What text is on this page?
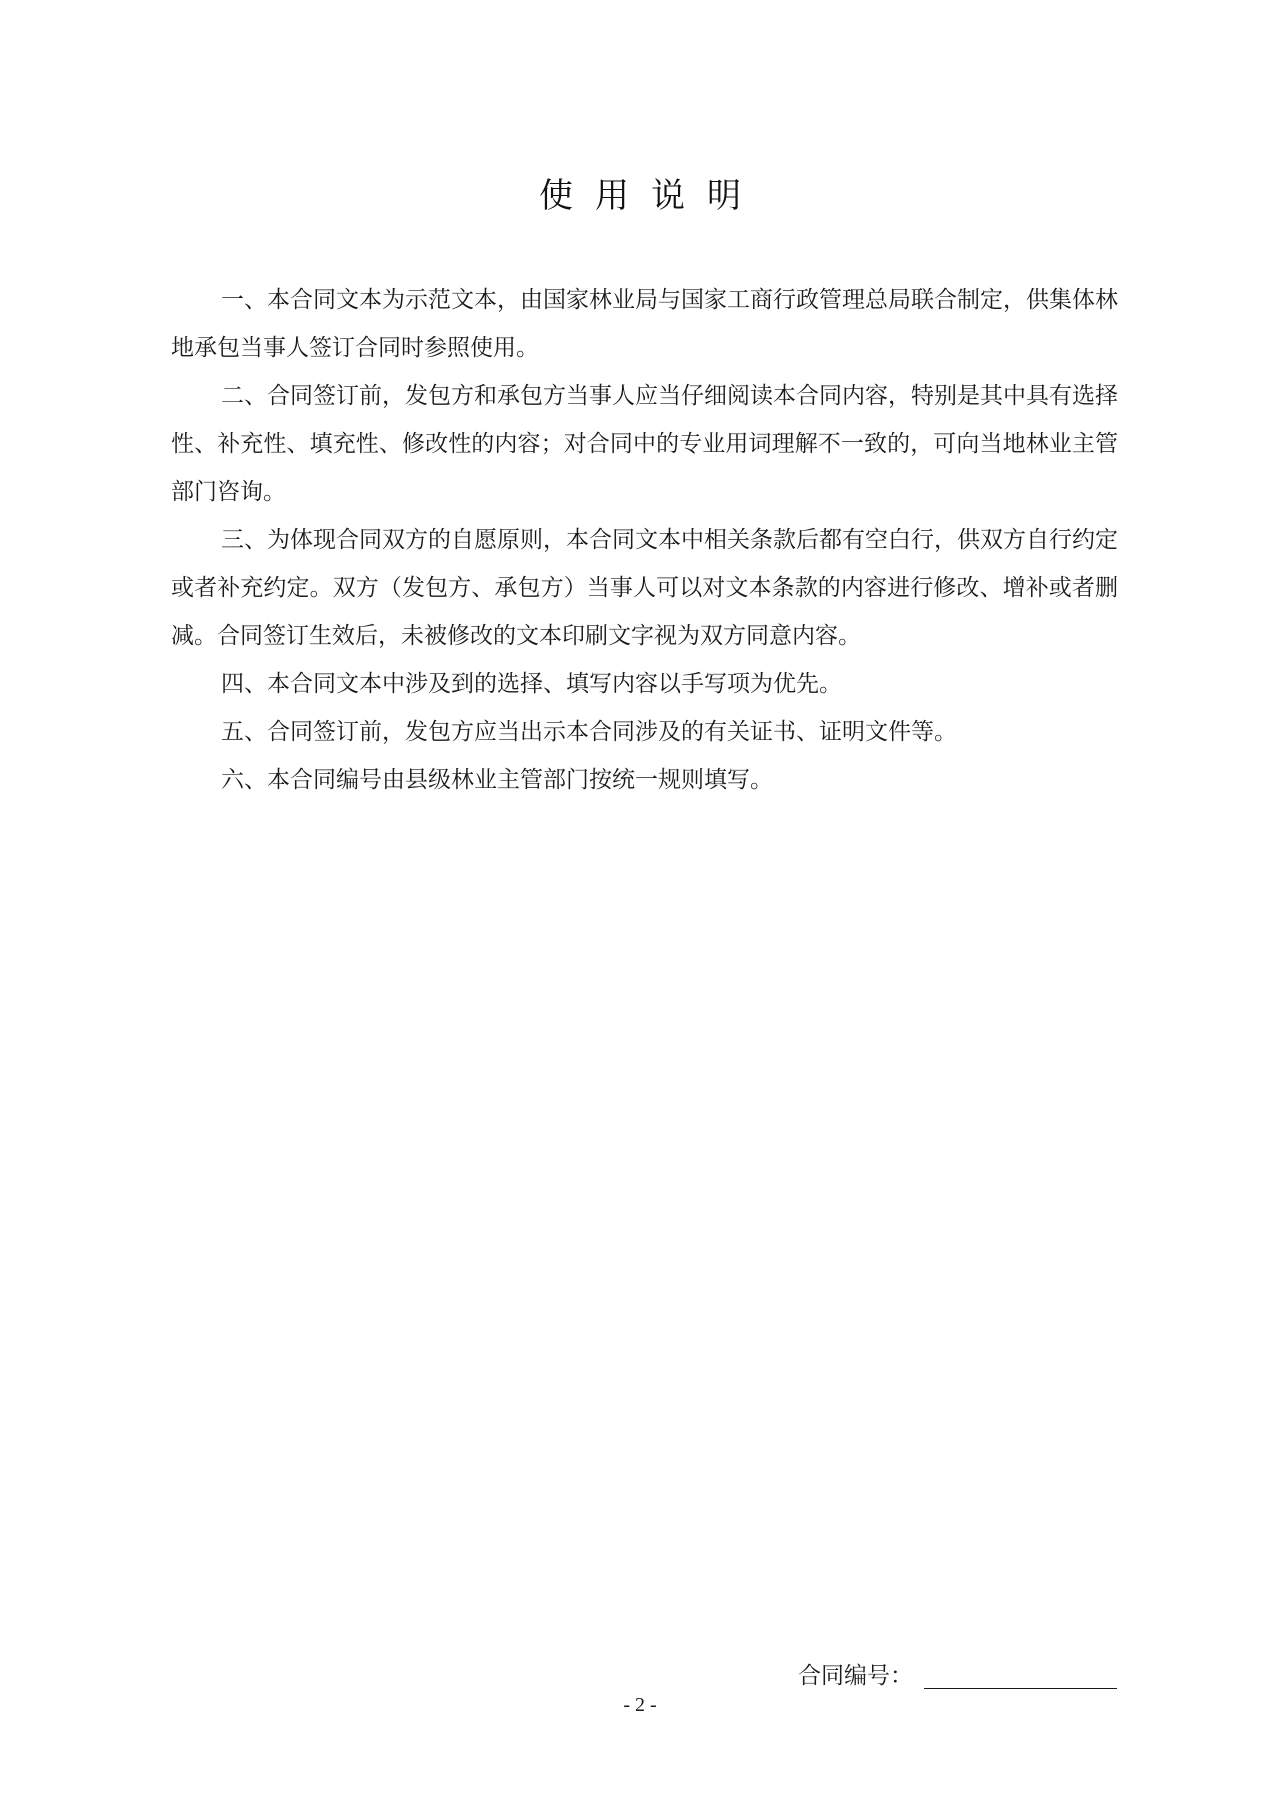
使用说明

一、本合同文本为示范文本，由国家林业局与国家工商行政管理总局联合制定，供集体林地承包当事人签订合同时参照使用。

二、合同签订前，发包方和承包方当事人应当仔细阅读本合同内容，特别是其中具有选择性、补充性、填充性、修改性的内容；对合同中的专业用词理解不一致的，可向当地林业主管部门咨询。

三、为体现合同双方的自愿原则，本合同文本中相关条款后都有空白行，供双方自行约定或者补充约定。双方（发包方、承包方）当事人可以对文本条款的内容进行修改、增补或者删减。合同签订生效后，未被修改的文本印刷文字视为双方同意内容。

四、本合同文本中涉及到的选择、填写内容以手写项为优先。

五、合同签订前，发包方应当出示本合同涉及的有关证书、证明文件等。

六、本合同编号由县级林业主管部门按统一规则填写。

合同编号：
- 2 -
